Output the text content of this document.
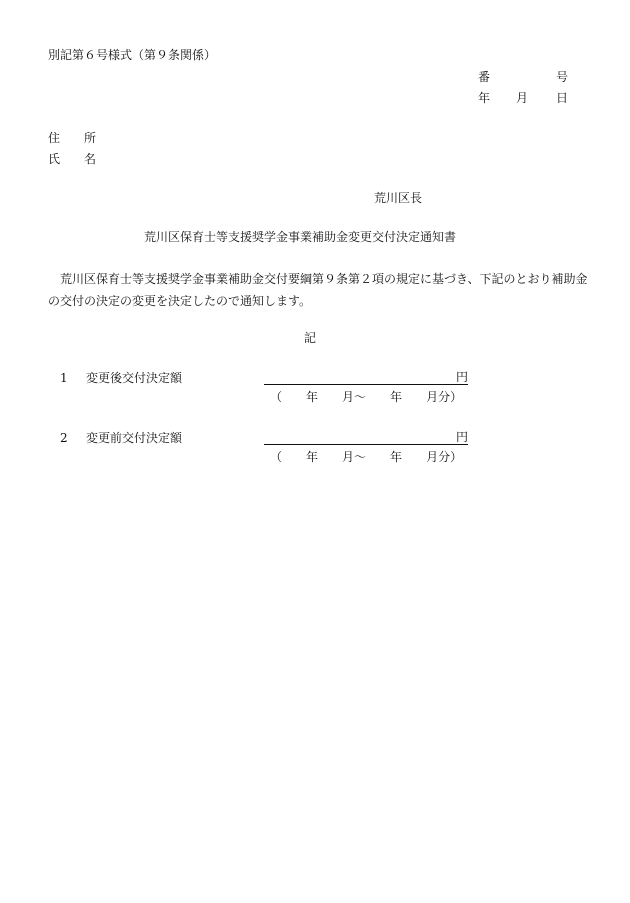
別記第６号様式（第９条関係）
番	号
年 月 日
住 所
氏 名
荒川区長
荒川区保育士等支援奨学金事業補助金変更交付決定通知書
荒川区保育士等支援奨学金事業補助金交付要綱第９条第２項の規定に基づき、下記のとおり補助金の交付の決定の変更を決定したので通知します。
記
1 変更後交付決定額	円
（ 年 月～ 年 月分）
2 変更前交付決定額	円
（ 年 月～ 年 月分）
